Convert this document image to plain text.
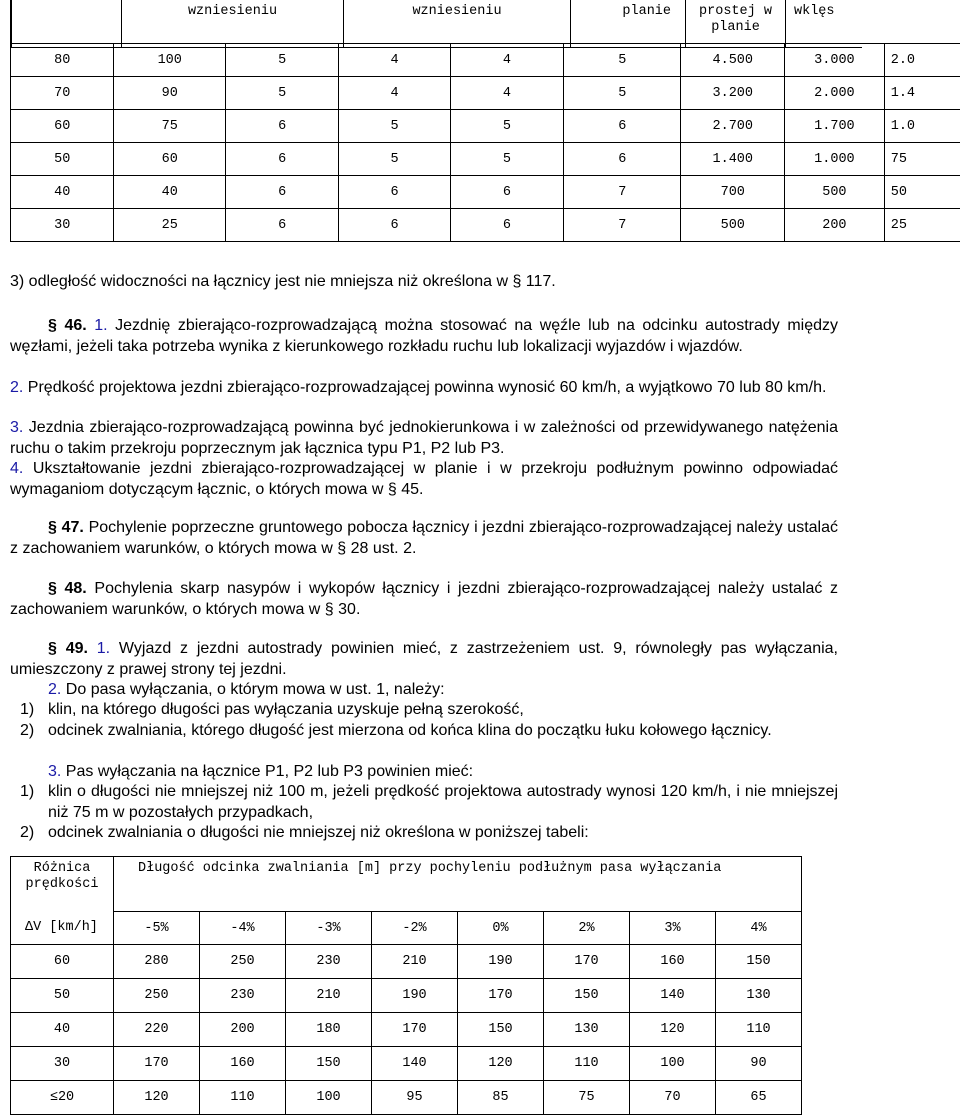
		wzniesieniu	wzniesieniu	planie	prostej w planie	wklęs
80	100	5	4	4	5	4.500	3.000	2.0
70	90	5	4	4	5	3.200	2.000	1.4
60	75	6	5	5	6	2.700	1.700	1.0
50	60	6	5	5	6	1.400	1.000	75
40	40	6	6	6	7	700	500	50
30	25	6	6	6	7	500	200	25

3) odległość widoczności na łącznicy jest nie mniejsza niż określona w § 117.

§ 46. 1. Jezdnię zbierająco-rozprowadzającą można stosować na węźle lub na odcinku autostrady między węzłami, jeżeli taka potrzeba wynika z kierunkowego rozkładu ruchu lub lokalizacji wyjazdów i wjazdów.

2. Prędkość projektowa jezdni zbierająco-rozprowadzającej powinna wynosić 60 km/h, a wyjątkowo 70 lub 80 km/h.

3. Jezdnia zbierająco-rozprowadzającą powinna być jednokierunkowa i w zależności od przewidywanego natężenia ruchu o takim przekroju poprzecznym jak łącznica typu P1, P2 lub P3.

4. Ukształtowanie jezdni zbierająco-rozprowadzającej w planie i w przekroju podłużnym powinno odpowiadać wymaganiom dotyczącym łącznic, o których mowa w § 45.

§ 47. Pochylenie poprzeczne gruntowego pobocza łącznicy i jezdni zbierająco-rozprowadzającej należy ustalać z zachowaniem warunków, o których mowa w § 28 ust. 2.

§ 48. Pochylenia skarp nasypów i wykopów łącznicy i jezdni zbierająco-rozprowadzającej należy ustalać z zachowaniem warunków, o których mowa w § 30.

§ 49. 1. Wyjazd z jezdni autostrady powinien mieć, z zastrzeżeniem ust. 9, równoległy pas wyłączania, umieszczony z prawej strony tej jezdni.

2. Do pasa wyłączania, o którym mowa w ust. 1, należy:

1) klin, na którego długości pas wyłączania uzyskuje pełną szerokość,
2) odcinek zwalniania, którego długość jest mierzona od końca klina do początku łuku kołowego łącznicy.

3. Pas wyłączania na łącznice P1, P2 lub P3 powinien mieć:

1) klin o długości nie mniejszej niż 100 m, jeżeli prędkość projektowa autostrady wynosi 120 km/h, i nie mniejszej niż 75 m w pozostałych przypadkach,
2) odcinek zwalniania o długości nie mniejszej niż określona w poniższej tabeli:
Różnica prędkości	Długość odcinka zwalniania [m] przy pochyleniu podłużnym pasa wyłączania							
ΔV [km/h]	-5%	-4%	-3%	-2%	0%	2%	3%	4%
60	280	250	230	210	190	170	160	150
50	250	230	210	190	170	150	140	130
40	220	200	180	170	150	130	120	110
30	170	160	150	140	120	110	100	90
≤20	120	110	100	95	85	75	70	65
